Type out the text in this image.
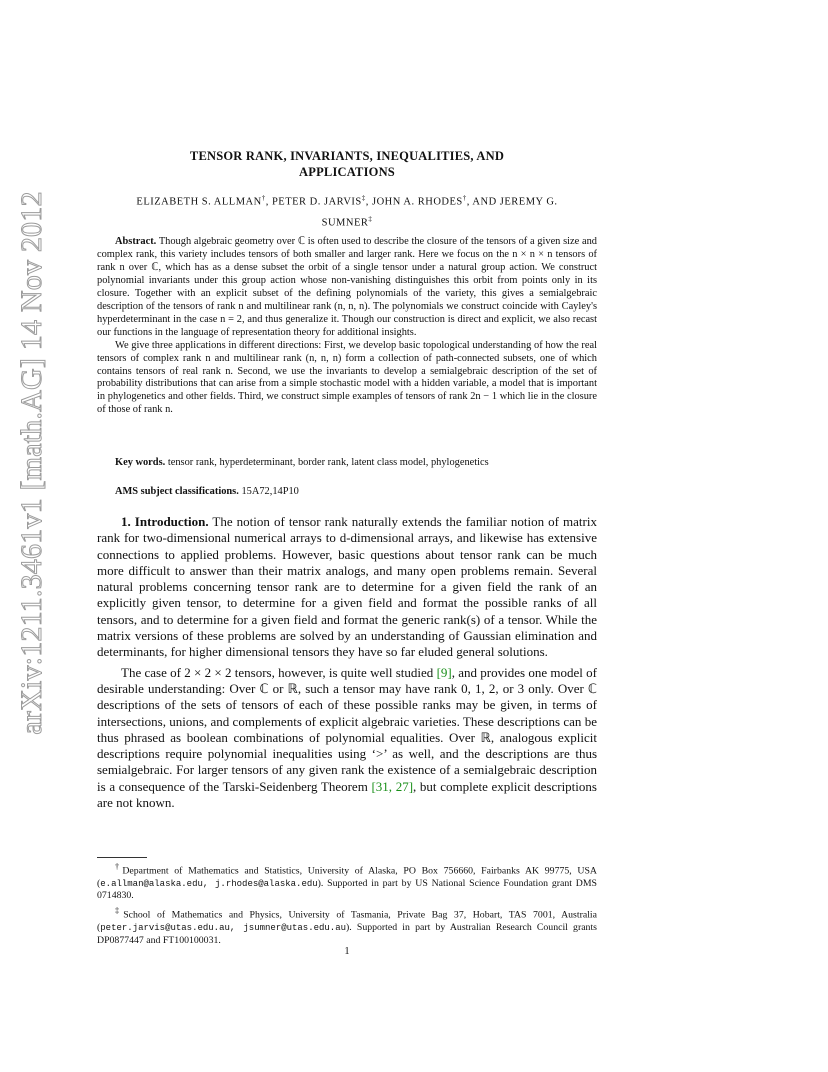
arXiv:1211.3461v1 [math.AG] 14 Nov 2012
TENSOR RANK, INVARIANTS, INEQUALITIES, AND
APPLICATIONS
ELIZABETH S. ALLMAN†, PETER D. JARVIS‡, JOHN A. RHODES†, AND JEREMY G.
SUMNER‡

Abstract. Though algebraic geometry over ℂ is often used to describe the closure of the tensors of a given size and complex rank, this variety includes tensors of both smaller and larger rank. Here we focus on the n × n × n tensors of rank n over ℂ, which has as a dense subset the orbit of a single tensor under a natural group action. We construct polynomial invariants under this group action whose non-vanishing distinguishes this orbit from points only in its closure. Together with an explicit subset of the defining polynomials of the variety, this gives a semialgebraic description of the tensors of rank n and multilinear rank (n, n, n). The polynomials we construct coincide with Cayley's hyperdeterminant in the case n = 2, and thus generalize it. Though our construction is direct and explicit, we also recast our functions in the language of representation theory for additional insights.

We give three applications in different directions: First, we develop basic topological understanding of how the real tensors of complex rank n and multilinear rank (n, n, n) form a collection of path-connected subsets, one of which contains tensors of real rank n. Second, we use the invariants to develop a semialgebraic description of the set of probability distributions that can arise from a simple stochastic model with a hidden variable, a model that is important in phylogenetics and other fields. Third, we construct simple examples of tensors of rank 2n − 1 which lie in the closure of those of rank n.

Key words. tensor rank, hyperdeterminant, border rank, latent class model, phylogenetics
AMS subject classifications. 15A72,14P10

1. Introduction. The notion of tensor rank naturally extends the familiar notion of matrix rank for two-dimensional numerical arrays to d-dimensional arrays, and likewise has extensive connections to applied problems. However, basic questions about tensor rank can be much more difficult to answer than their matrix analogs, and many open problems remain. Several natural problems concerning tensor rank are to determine for a given field the rank of an explicitly given tensor, to determine for a given field and format the possible ranks of all tensors, and to determine for a given field and format the generic rank(s) of a tensor. While the matrix versions of these problems are solved by an understanding of Gaussian elimination and determinants, for higher dimensional tensors they have so far eluded general solutions.

The case of 2 × 2 × 2 tensors, however, is quite well studied [9], and provides one model of desirable understanding: Over ℂ or ℝ, such a tensor may have rank 0, 1, 2, or 3 only. Over ℂ descriptions of the sets of tensors of each of these possible ranks may be given, in terms of intersections, unions, and complements of explicit algebraic varieties. These descriptions can be thus phrased as boolean combinations of polynomial equalities. Over ℝ, analogous explicit descriptions require polynomial inequalities using ‘>’ as well, and the descriptions are thus semialgebraic. For larger tensors of any given rank the existence of a semialgebraic description is a consequence of the Tarski-Seidenberg Theorem [31, 27], but complete explicit descriptions are not known.

†Department of Mathematics and Statistics, University of Alaska, PO Box 756660, Fairbanks AK 99775, USA (e.allman@alaska.edu, j.rhodes@alaska.edu). Supported in part by US National Science Foundation grant DMS 0714830.

‡School of Mathematics and Physics, University of Tasmania, Private Bag 37, Hobart, TAS 7001, Australia (peter.jarvis@utas.edu.au, jsumner@utas.edu.au). Supported in part by Australian Research Council grants DP0877447 and FT100100031.

1
